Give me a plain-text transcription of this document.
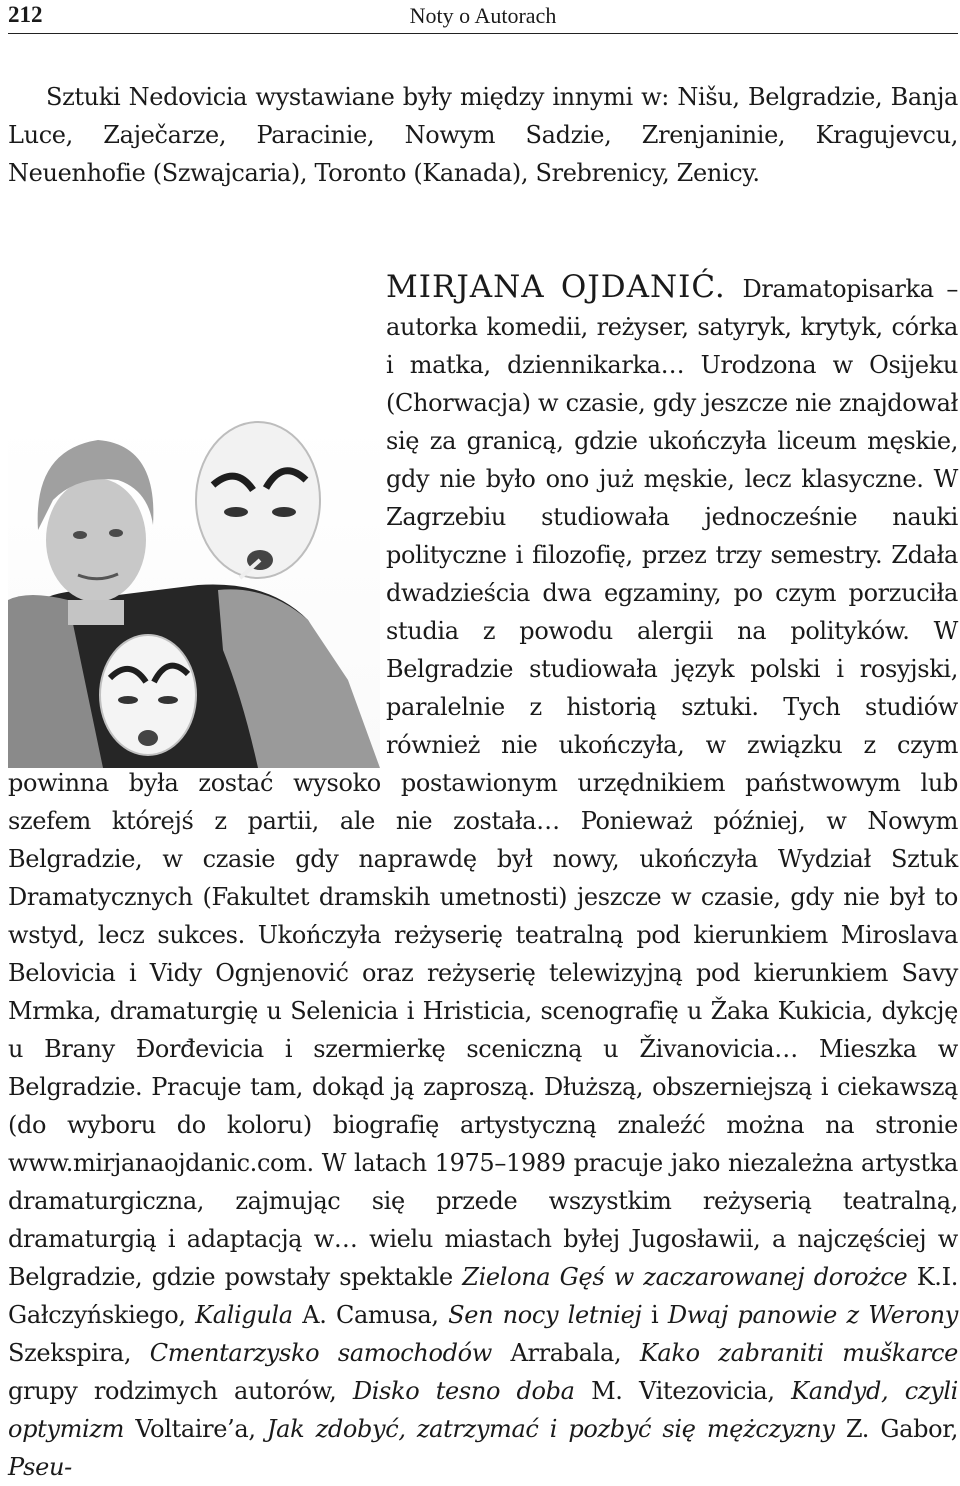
212	Noty o Autorach

Sztuki Nedovicia wystawiane były między innymi w: Nišu, Belgradzie, Banja Luce, Zaječarze, Paracinie, Nowym Sadzie, Zrenjaninie, Kragujevcu, Neuenhofie (Szwajcaria), Toronto (Kanada), Srebrenicy, Zenicy.

MIRJANA OJDANIĆ. Dramatopisarka – autorka komedii, reżyser, satyryk, krytyk, córka i matka, dziennikarka… Urodzona w Osijeku (Chorwacja) w czasie, gdy jeszcze nie znajdował się za granicą, gdzie ukończyła liceum męskie, gdy nie było ono już męskie, lecz klasyczne. W Zagrzebiu studiowała jednocześnie nauki polityczne i filozofię, przez trzy semestry. Zdała dwadzieścia dwa egzaminy, po czym porzuciła studia z powodu alergii na polityków. W Belgradzie studiowała język polski i rosyjski, paralelnie z historią sztuki. Tych studiów również nie ukończyła, w związku z czym powinna była zostać wysoko postawionym urzędnikiem państwowym lub szefem którejś z partii, ale nie została… Ponieważ później, w Nowym Belgradzie, w czasie gdy naprawdę był nowy, ukończyła Wydział Sztuk Dramatycznych (Fakultet dramskih umetnosti) jeszcze w czasie, gdy nie był to wstyd, lecz sukces. Ukończyła reżyserię teatralną pod kierunkiem Miroslava Belovicia i Vidy Ognjenović oraz reżyserię telewizyjną pod kierunkiem Savy Mrmka, dramaturgię u Selenicia i Hristicia, scenografię u Žaka Kukicia, dykcję u Brany Đorđevicia i szermierkę sceniczną u Živanovicia… Mieszka w Belgradzie. Pracuje tam, dokąd ją zaproszą. Dłuższą, obszerniejszą i ciekawszą (do wyboru do koloru) biografię artystyczną znaleźć można na stronie www.mirjanaojdanic.com. W latach 1975–1989 pracuje jako niezależna artystka dramaturgiczna, zajmując się przede wszystkim reżyserią teatralną, dramaturgią i adaptacją w… wielu miastach byłej Jugosławii, a najczęściej w Belgradzie, gdzie powstały spektakle Zielona Gęś w zaczarowanej dorożce K.I. Gałczyńskiego, Kaligula A. Camusa, Sen nocy letniej i Dwaj panowie z Werony Szekspira, Cmentarzysko samochodów Arrabala, Kako zabraniti muškarce grupy rodzimych autorów, Disko tesno doba M. Vitezovicia, Kandyd, czyli optymizm Voltaire’a, Jak zdobyć, zatrzymać i pozbyć się mężczyzny Z. Gabor, Pseu-
